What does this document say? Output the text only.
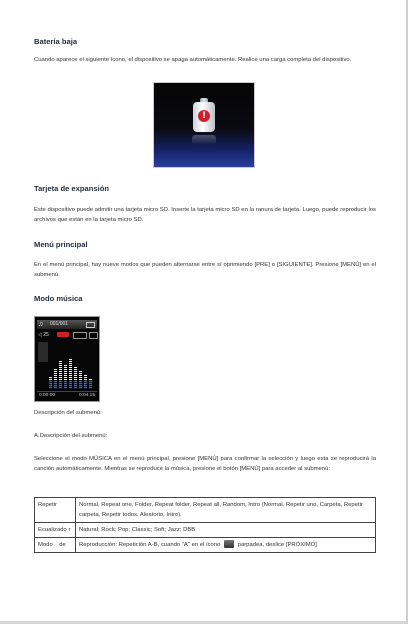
Batería baja

Cuando aparece el siguiente ícono, el dispositivo se apaga automáticamente. Realice una carga completa del dispositivo.

Tarjeta de expansión

Este dispositivo puede admitir una tarjeta micro SD. Inserte la tarjeta micro SD en la ranura de tarjeta. Luego, puede reproducir los archivos que están en la tarjeta micro SD.

Menú principal

En el menú principal, hay nueve modos que pueden alternarse entre sí oprimiendo [PRE] o [SIGUIENTE]. Presione [MENÚ] en el submenú.

Modo música

Descripción del submenú:

A.Descripción del submenú:

Seleccione el modo MÚSICA en el menú principal, presione [MENÚ] para confirmar la selección y luego esta se reproducirá la canción automáticamente. Mientras se reproduce la música, presione el botón [MENÚ] para acceder al submenú:

!
♫ 001/001
◁ 25
0:00:00	0:04:15
Repetir	Normal, Repeat one, Folder, Repeat folder, Repeat all, Random, Intro (Normal, Repetir uno, Carpeta, Repetir carpeta, Repetir todos, Aleatorio, Intro).
Ecualizado r	Natural; Rock; Pop; Classic; Soft; Jazz; DBB
Modo    de	Reproducción: Repetición A-B, cuando "A" en el ícono parpadea, deslice [PRÓXIMO]
